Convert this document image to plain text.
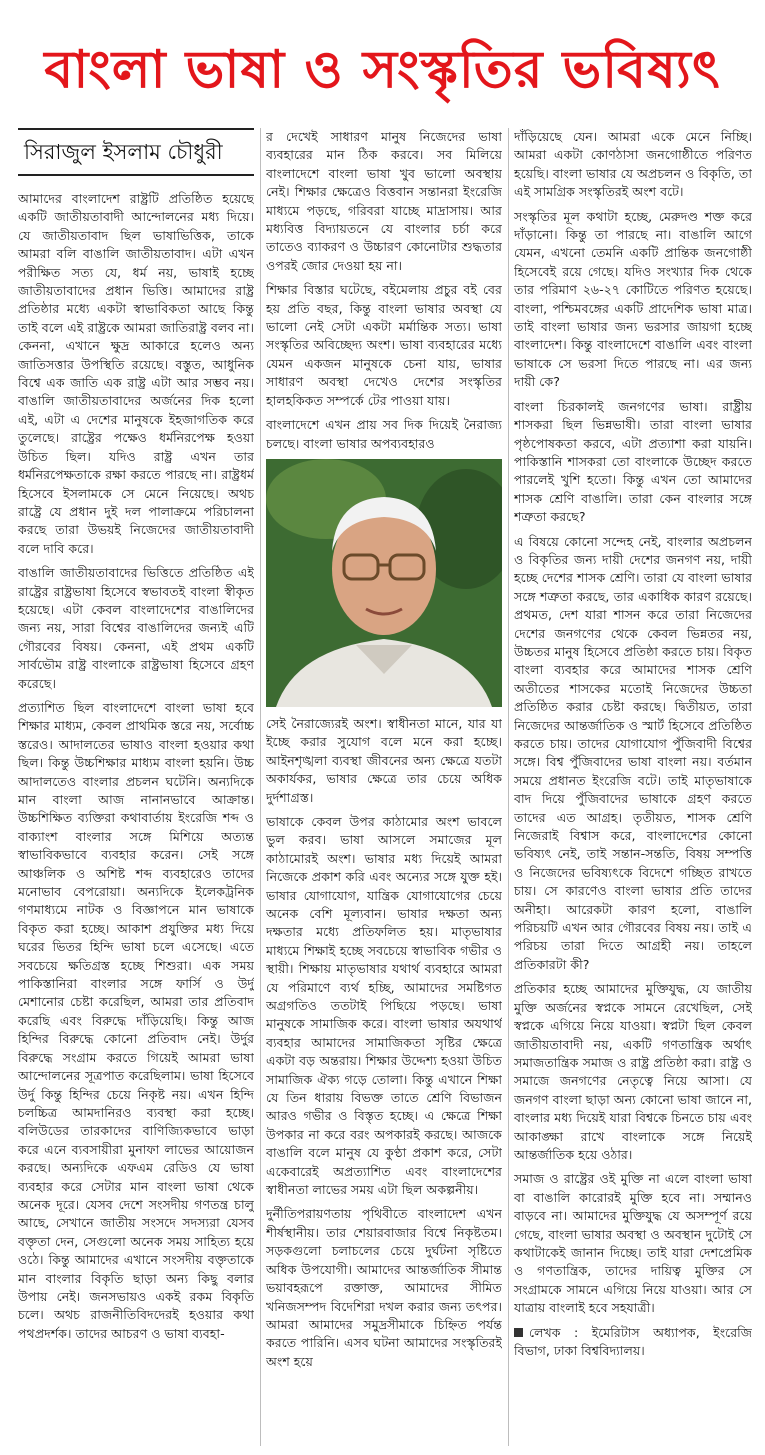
বাংলা ভাষা ও সংস্কৃতির ভবিষ্যৎ
সিরাজুল ইসলাম চৌধুরী

আমাদের বাংলাদেশ রাষ্ট্রটি প্রতিষ্ঠিত হয়েছে একটি জাতীয়তাবাদী আন্দোলনের মধ্য দিয়ে। যে জাতীয়তাবাদ ছিল ভাষাভিত্তিক, তাকে আমরা বলি বাঙালি জাতীয়তাবাদ। এটা এখন পরীক্ষিত সত্য যে, ধর্ম নয়, ভাষাই হচ্ছে জাতীয়তাবাদের প্রধান ভিত্তি। আমাদের রাষ্ট্র প্রতিষ্ঠার মধ্যে একটা স্বাভাবিকতা আছে কিন্তু তাই বলে এই রাষ্ট্রকে আমরা জাতিরাষ্ট্র বলব না। কেননা, এখানে ক্ষুদ্র আকারে হলেও অন্য জাতিসত্তার উপস্থিতি রয়েছে। বস্তুত, আধুনিক বিশ্বে এক জাতি এক রাষ্ট্র এটা আর সম্ভব নয়। বাঙালি জাতীয়তাবাদের অর্জনের দিক হলো এই, এটা এ দেশের মানুষকে ইহজাগতিক করে তুলেছে। রাষ্ট্রের পক্ষেও ধর্মনিরপেক্ষ হওয়া উচিত ছিল। যদিও রাষ্ট্র এখন তার ধর্মনিরপেক্ষতাকে রক্ষা করতে পারছে না। রাষ্ট্রধর্ম হিসেবে ইসলামকে সে মেনে নিয়েছে। অথচ রাষ্ট্রে যে প্রধান দুই দল পালাক্রমে পরিচালনা করছে তারা উভয়ই নিজেদের জাতীয়তাবাদী বলে দাবি করে।

বাঙালি জাতীয়তাবাদের ভিত্তিতে প্রতিষ্ঠিত এই রাষ্ট্রের রাষ্ট্রভাষা হিসেবে স্বভাবতই বাংলা স্বীকৃত হয়েছে। এটা কেবল বাংলাদেশের বাঙালিদের জন্য নয়, সারা বিশ্বের বাঙালিদের জন্যই এটি গৌরবের বিষয়। কেননা, এই প্রথম একটি সার্বভৌম রাষ্ট্র বাংলাকে রাষ্ট্রভাষা হিসেবে গ্রহণ করেছে।

প্রত্যাশিত ছিল বাংলাদেশে বাংলা ভাষা হবে শিক্ষার মাধ্যম, কেবল প্রাথমিক স্তরে নয়, সর্বোচ্চ স্তরেও। আদালতের ভাষাও বাংলা হওয়ার কথা ছিল। কিন্তু উচ্চশিক্ষার মাধ্যম বাংলা হয়নি। উচ্চ আদালতেও বাংলার প্রচলন ঘটেনি। অন্যদিকে মান বাংলা আজ নানানভাবে আক্রান্ত। উচ্চশিক্ষিত ব্যক্তিরা কথাবার্তায় ইংরেজি শব্দ ও বাক্যাংশ বাংলার সঙ্গে মিশিয়ে অত্যন্ত স্বাভাবিকভাবে ব্যবহার করেন। সেই সঙ্গে আঞ্চলিক ও অশিষ্ট শব্দ ব্যবহারেও তাদের মনোভাব বেপরোয়া। অন্যদিকে ইলেকট্রনিক গণমাধ্যমে নাটক ও বিজ্ঞাপনে মান ভাষাকে বিকৃত করা হচ্ছে। আকাশ প্রযুক্তির মধ্য দিয়ে ঘরের ভিতর হিন্দি ভাষা চলে এসেছে। এতে সবচেয়ে ক্ষতিগ্রস্ত হচ্ছে শিশুরা। এক সময় পাকিস্তানিরা বাংলার সঙ্গে ফার্সি ও উর্দু মেশানোর চেষ্টা করেছিল, আমরা তার প্রতিবাদ করেছি এবং বিরুদ্ধে দাঁড়িয়েছি। কিন্তু আজ হিন্দির বিরুদ্ধে কোনো প্রতিবাদ নেই। উর্দুর বিরুদ্ধে সংগ্রাম করতে গিয়েই আমরা ভাষা আন্দোলনের সূত্রপাত করেছিলাম। ভাষা হিসেবে উর্দু কিন্তু হিন্দির চেয়ে নিকৃষ্ট নয়। এখন হিন্দি চলচ্চিত্র আমদানিরও ব্যবস্থা করা হচ্ছে। বলিউডের তারকাদের বাণিজ্যিকভাবে ভাড়া করে এনে ব্যবসায়ীরা মুনাফা লাভের আয়োজন করছে। অন্যদিকে এফএম রেডিও যে ভাষা ব্যবহার করে সেটার মান বাংলা ভাষা থেকে অনেক দূরে। যেসব দেশে সংসদীয় গণতন্ত্র চালু আছে, সেখানে জাতীয় সংসদে সদস্যরা যেসব বক্তৃতা দেন, সেগুলো অনেক সময় সাহিত্য হয়ে ওঠে। কিন্তু আমাদের এখানে সংসদীয় বক্তৃতাকে মান বাংলার বিকৃতি ছাড়া অন্য কিছু বলার উপায় নেই। জনসভায়ও একই রকম বিকৃতি চলে। অথচ রাজনীতিবিদদেরই হওয়ার কথা পথপ্রদর্শক। তাদের আচরণ ও ভাষা ব্যবহা-

র দেখেই সাধারণ মানুষ নিজেদের ভাষা ব্যবহারের মান ঠিক করবে। সব মিলিয়ে বাংলাদেশে বাংলা ভাষা খুব ভালো অবস্থায় নেই। শিক্ষার ক্ষেত্রেও বিত্তবান সন্তানরা ইংরেজি মাধ্যমে পড়ছে, গরিবরা যাচ্ছে মাদ্রাসায়। আর মধ্যবিত্ত বিদ্যায়তনে যে বাংলার চর্চা করে তাতেও ব্যাকরণ ও উচ্চারণ কোনোটার শুদ্ধতার ওপরই জোর দেওয়া হয় না।

শিক্ষার বিস্তার ঘটেছে, বইমেলায় প্রচুর বই বের হয় প্রতি বছর, কিন্তু বাংলা ভাষার অবস্থা যে ভালো নেই সেটা একটা মর্মান্তিক সত্য। ভাষা সংস্কৃতির অবিচ্ছেদ্য অংশ। ভাষা ব্যবহারের মধ্যে যেমন একজন মানুষকে চেনা যায়, ভাষার সাধারণ অবস্থা দেখেও দেশের সংস্কৃতির হালহকিকত সম্পর্কে টের পাওয়া যায়।

বাংলাদেশে এখন প্রায় সব দিক দিয়েই নৈরাজ্য চলছে। বাংলা ভাষার অপব্যবহারও

সেই নৈরাজ্যেরই অংশ। স্বাধীনতা মানে, যার যা ইচ্ছে করার সুযোগ বলে মনে করা হচ্ছে। আইনশৃঙ্খলা ব্যবস্থা জীবনের অন্য ক্ষেত্রে যতটা অকার্যকর, ভাষার ক্ষেত্রে তার চেয়ে অধিক দুর্দশাগ্রস্ত।

ভাষাকে কেবল উপর কাঠামোর অংশ ভাবলে ভুল করব। ভাষা আসলে সমাজের মূল কাঠামোরই অংশ। ভাষার মধ্য দিয়েই আমরা নিজেকে প্রকাশ করি এবং অন্যের সঙ্গে যুক্ত হই। ভাষার যোগাযোগ, যান্ত্রিক যোগাযোগের চেয়ে অনেক বেশি মূল্যবান। ভাষার দক্ষতা অন্য দক্ষতার মধ্যে প্রতিফলিত হয়। মাতৃভাষার মাধ্যমে শিক্ষাই হচ্ছে সবচেয়ে স্বাভাবিক গভীর ও স্থায়ী। শিক্ষায় মাতৃভাষার যথার্থ ব্যবহারে আমরা যে পরিমাণে ব্যর্থ হচ্ছি, আমাদের সমষ্টিগত অগ্রগতিও ততটাই পিছিয়ে পড়ছে। ভাষা মানুষকে সামাজিক করে। বাংলা ভাষার অযথার্থ ব্যবহার আমাদের সামাজিকতা সৃষ্টির ক্ষেত্রে একটা বড় অন্তরায়। শিক্ষার উদ্দেশ্য হওয়া উচিত সামাজিক ঐক্য গড়ে তোলা। কিন্তু এখানে শিক্ষা যে তিন ধারায় বিভক্ত তাতে শ্রেণি বিভাজন আরও গভীর ও বিস্তৃত হচ্ছে। এ ক্ষেত্রে শিক্ষা উপকার না করে বরং অপকারই করছে। আজকে বাঙালি বলে মানুষ যে কুণ্ঠা প্রকাশ করে, সেটা একেবারেই অপ্রত্যাশিত এবং বাংলাদেশের স্বাধীনতা লাভের সময় এটা ছিল অকল্পনীয়।

দুর্নীতিপরায়ণতায় পৃথিবীতে বাংলাদেশ এখন শীর্ষস্থানীয়। তার শেয়ারবাজার বিশ্বে নিকৃষ্টতম। সড়কগুলো চলাচলের চেয়ে দুর্ঘটনা সৃষ্টিতে অধিক উপযোগী। আমাদের আন্তর্জাতিক সীমান্ত ভয়াবহরূপে রক্তাক্ত, আমাদের সীমিত খনিজসম্পদ বিদেশিরা দখল করার জন্য তৎপর। আমরা আমাদের সমুদ্রসীমাকে চিহ্নিত পর্যন্ত করতে পারিনি। এসব ঘটনা আমাদের সংস্কৃতিরই অংশ হয়ে

দাঁড়িয়েছে যেন। আমরা একে মেনে নিচ্ছি। আমরা একটা কোণঠাসা জনগোষ্ঠীতে পরিণত হয়েছি। বাংলা ভাষার যে অপ্রচলন ও বিকৃতি, তা এই সামগ্রিক সংস্কৃতিরই অংশ বটে।

সংস্কৃতির মূল কথাটা হচ্ছে, মেরুদণ্ড শক্ত করে দাঁড়ানো। কিন্তু তা পারছে না। বাঙালি আগে যেমন, এখনো তেমনি একটি প্রান্তিক জনগোষ্ঠী হিসেবেই রয়ে গেছে। যদিও সংখ্যার দিক থেকে তার পরিমাণ ২৬-২৭ কোটিতে পরিণত হয়েছে। বাংলা, পশ্চিমবঙ্গের একটি প্রাদেশিক ভাষা মাত্র। তাই বাংলা ভাষার জন্য ভরসার জায়গা হচ্ছে বাংলাদেশ। কিন্তু বাংলাদেশে বাঙালি এবং বাংলা ভাষাকে সে ভরসা দিতে পারছে না। এর জন্য দায়ী কে?

বাংলা চিরকালই জনগণের ভাষা। রাষ্ট্রীয় শাসকরা ছিল ভিন্নভাষী। তারা বাংলা ভাষার পৃষ্ঠপোষকতা করবে, এটা প্রত্যাশা করা যায়নি। পাকিস্তানি শাসকরা তো বাংলাকে উচ্ছেদ করতে পারলেই খুশি হতো। কিন্তু এখন তো আমাদের শাসক শ্রেণি বাঙালি। তারা কেন বাংলার সঙ্গে শত্রুতা করছে?

এ বিষয়ে কোনো সন্দেহ নেই, বাংলার অপ্রচলন ও বিকৃতির জন্য দায়ী দেশের জনগণ নয়, দায়ী হচ্ছে দেশের শাসক শ্রেণি। তারা যে বাংলা ভাষার সঙ্গে শত্রুতা করছে, তার একাধিক কারণ রয়েছে। প্রথমত, দেশ যারা শাসন করে তারা নিজেদের দেশের জনগণের থেকে কেবল ভিন্নতর নয়, উচ্চতর মানুষ হিসেবে প্রতিষ্ঠা করতে চায়। বিকৃত বাংলা ব্যবহার করে আমাদের শাসক শ্রেণি অতীতের শাসকের মতোই নিজেদের উচ্চতা প্রতিষ্ঠিত করার চেষ্টা করছে। দ্বিতীয়ত, তারা নিজেদের আন্তর্জাতিক ও স্মার্ট হিসেবে প্রতিষ্ঠিত করতে চায়। তাদের যোগাযোগ পুঁজিবাদী বিশ্বের সঙ্গে। বিশ্ব পুঁজিবাদের ভাষা বাংলা নয়। বর্তমান সময়ে প্রধানত ইংরেজি বটে। তাই মাতৃভাষাকে বাদ দিয়ে পুঁজিবাদের ভাষাকে গ্রহণ করতে তাদের এত আগ্রহ। তৃতীয়ত, শাসক শ্রেণি নিজেরাই বিশ্বাস করে, বাংলাদেশের কোনো ভবিষ্যৎ নেই, তাই সন্তান-সন্ততি, বিষয় সম্পত্তি ও নিজেদের ভবিষ্যৎকে বিদেশে গচ্ছিত রাখতে চায়। সে কারণেও বাংলা ভাষার প্রতি তাদের অনীহা। আরেকটা কারণ হলো, বাঙালি পরিচয়টি এখন আর গৌরবের বিষয় নয়। তাই এ পরিচয় তারা দিতে আগ্রহী নয়। তাহলে প্রতিকারটা কী?

প্রতিকার হচ্ছে আমাদের মুক্তিযুদ্ধ, যে জাতীয় মুক্তি অর্জনের স্বপ্নকে সামনে রেখেছিল, সেই স্বপ্নকে এগিয়ে নিয়ে যাওয়া। স্বপ্নটা ছিল কেবল জাতীয়তাবাদী নয়, একটি গণতান্ত্রিক অর্থাৎ সমাজতান্ত্রিক সমাজ ও রাষ্ট্র প্রতিষ্ঠা করা। রাষ্ট্র ও সমাজে জনগণের নেতৃত্বে নিয়ে আসা। যে জনগণ বাংলা ছাড়া অন্য কোনো ভাষা জানে না, বাংলার মধ্য দিয়েই যারা বিশ্বকে চিনতে চায় এবং আকাঙ্ক্ষা রাখে বাংলাকে সঙ্গে নিয়েই আন্তর্জাতিক হয়ে ওঠার।

সমাজ ও রাষ্ট্রের ওই মুক্তি না এলে বাংলা ভাষা বা বাঙালি কারোরই মুক্তি হবে না। সম্মানও বাড়বে না। আমাদের মুক্তিযুদ্ধ যে অসম্পূর্ণ রয়ে গেছে, বাংলা ভাষার অবস্থা ও অবস্থান দুটোই সে কথাটাকেই জানান দিচ্ছে। তাই যারা দেশপ্রেমিক ও গণতান্ত্রিক, তাদের দায়িত্ব মুক্তির সে সংগ্রামকে সামনে এগিয়ে নিয়ে যাওয়া। আর সে যাত্রায় বাংলাই হবে সহযাত্রী।

লেখক : ইমেরিটাস অধ্যাপক, ইংরেজি বিভাগ, ঢাকা বিশ্ববিদ্যালয়।
